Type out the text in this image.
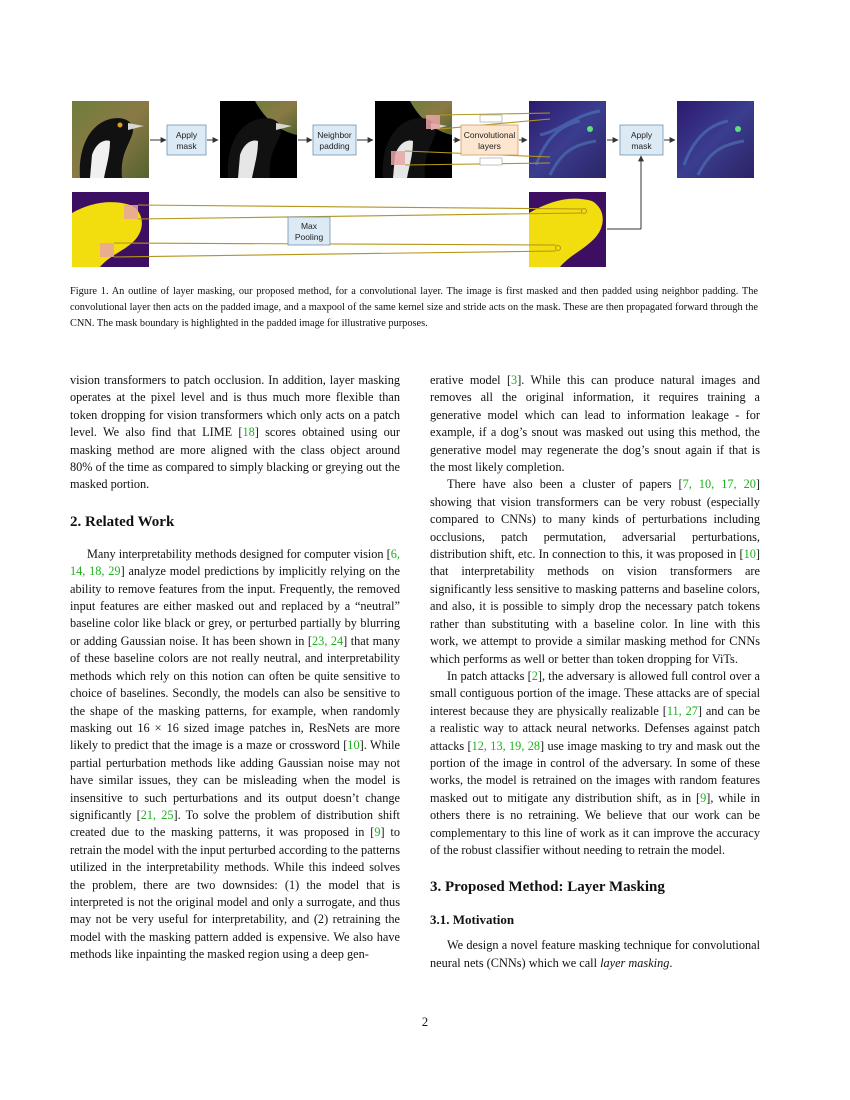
Apply
mask
Neighbor
padding
Convolutional
layers
Apply
mask
Max
Pooling
Figure 1. An outline of layer masking, our proposed method, for a convolutional layer. The image is first masked and then padded using neighbor padding. The convolutional layer then acts on the padded image, and a maxpool of the same kernel size and stride acts on the mask. These are then propagated forward through the CNN. The mask boundary is highlighted in the padded image for illustrative purposes.

vision transformers to patch occlusion. In addition, layer masking operates at the pixel level and is thus much more flexible than token dropping for vision transformers which only acts on a patch level. We also find that LIME [18] scores obtained using our masking method are more aligned with the class object around 80% of the time as compared to simply blacking or greying out the masked portion.

2. Related Work

Many interpretability methods designed for computer vision [6, 14, 18, 29] analyze model predictions by implicitly relying on the ability to remove features from the input. Frequently, the removed input features are either masked out and replaced by a “neutral” baseline color like black or grey, or perturbed partially by blurring or adding Gaussian noise. It has been shown in [23, 24] that many of these baseline colors are not really neutral, and interpretability methods which rely on this notion can often be quite sensitive to choice of baselines. Secondly, the models can also be sensitive to the shape of the masking patterns, for example, when randomly masking out 16 × 16 sized image patches in, ResNets are more likely to predict that the image is a maze or crossword [10]. While partial perturbation methods like adding Gaussian noise may not have similar issues, they can be misleading when the model is insensitive to such perturbations and its output doesn’t change significantly [21, 25]. To solve the problem of distribution shift created due to the masking patterns, it was proposed in [9] to retrain the model with the input perturbed according to the patterns utilized in the interpretability methods. While this indeed solves the problem, there are two downsides: (1) the model that is interpreted is not the original model and only a surrogate, and thus may not be very useful for interpretability, and (2) retraining the model with the masking pattern added is expensive. We also have methods like inpainting the masked region using a deep gen-

erative model [3]. While this can produce natural images and removes all the original information, it requires training a generative model which can lead to information leakage - for example, if a dog’s snout was masked out using this method, the generative model may regenerate the dog’s snout again if that is the most likely completion.

There have also been a cluster of papers [7, 10, 17, 20] showing that vision transformers can be very robust (especially compared to CNNs) to many kinds of perturbations including occlusions, patch permutation, adversarial perturbations, distribution shift, etc. In connection to this, it was proposed in [10] that interpretability methods on vision transformers are significantly less sensitive to masking patterns and baseline colors, and also, it is possible to simply drop the necessary patch tokens rather than substituting with a baseline color. In line with this work, we attempt to provide a similar masking method for CNNs which performs as well or better than token dropping for ViTs.

In patch attacks [2], the adversary is allowed full control over a small contiguous portion of the image. These attacks are of special interest because they are physically realizable [11, 27] and can be a realistic way to attack neural networks. Defenses against patch attacks [12, 13, 19, 28] use image masking to try and mask out the portion of the image in control of the adversary. In some of these works, the model is retrained on the images with random features masked out to mitigate any distribution shift, as in [9], while in others there is no retraining. We believe that our work can be complementary to this line of work as it can improve the accuracy of the robust classifier without needing to retrain the model.

3. Proposed Method: Layer Masking
3.1. Motivation

We design a novel feature masking technique for convolutional neural nets (CNNs) which we call layer masking.

2
